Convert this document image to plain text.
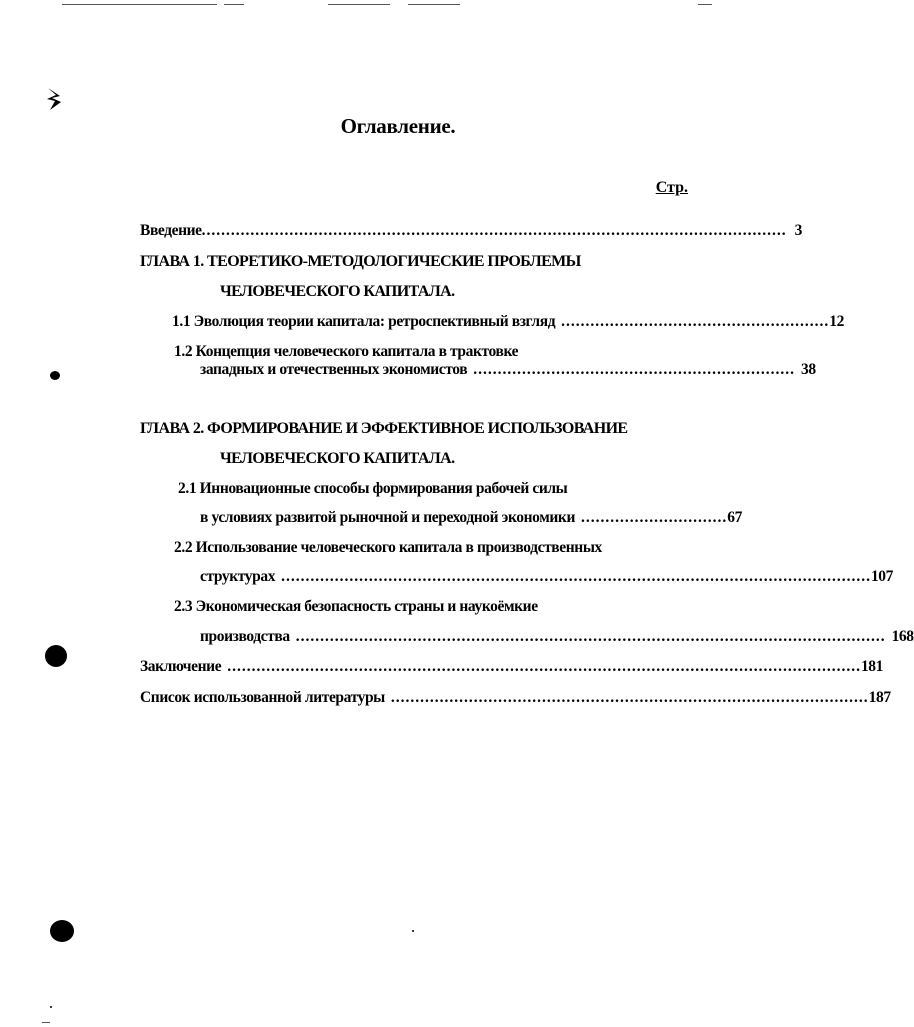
Оглавление.
Стр.
Введение ........................................................................................................................ 3
ГЛАВА 1. ТЕОРЕТИКО-МЕТОДОЛОГИЧЕСКИЕ ПРОБЛЕМЫ
ЧЕЛОВЕЧЕСКОГО КАПИТАЛА.
1.1 Эволюция теории капитала: ретроспективный взгляд ....................................................... 12
1.2 Концепция человеческого капитала в трактовке
западных и отечественных экономистов .................................................................. 38
ГЛАВА 2. ФОРМИРОВАНИЕ И ЭФФЕКТИВНОЕ ИСПОЛЬЗОВАНИЕ
ЧЕЛОВЕЧЕСКОГО КАПИТАЛА.
2.1 Инновационные способы формирования рабочей силы
в условиях развитой рыночной и переходной экономики .............................. 67
2.2 Использование человеческого капитала в производственных
структурах ......................................................................................................................... 107
2.3 Экономическая безопасность страны и наукоёмкие
производства ......................................................................................................................... 168
Заключение .................................................................................................................................. 181
Список использованной литературы .................................................................................................. 187
